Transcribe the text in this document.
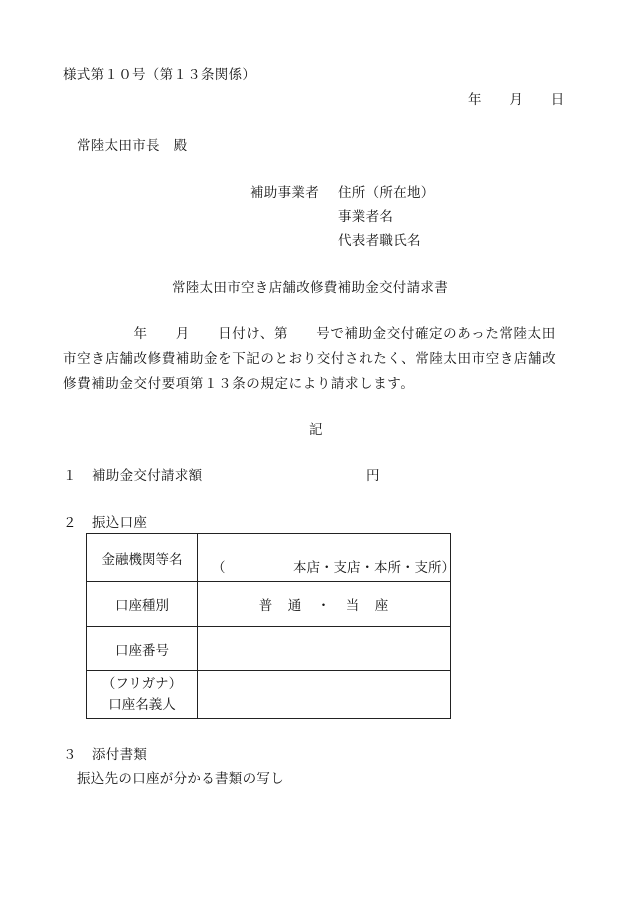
様式第１０号（第１３条関係）
年　　月　　日
常陸太田市長　殿
補助事業者 住所（所在地）
事業者名
代表者職氏名
常陸太田市空き店舗改修費補助金交付請求書
　　　　　年　　月　　日付け、第　　号で補助金交付確定のあった常陸太田
市空き店舗改修費補助金を下記のとおり交付されたく、常陸太田市空き店舗改
修費補助金交付要項第１３条の規定により請求します。
記
１ 補助金交付請求額	円
２ 振込口座
金融機関等名	（　　　　　本店・支店・本所・支所）

口座種別	普　通　・　当　座
口座番号	

（フリガナ）
口座名義人	

３ 添付書類
振込先の口座が分かる書類の写し
